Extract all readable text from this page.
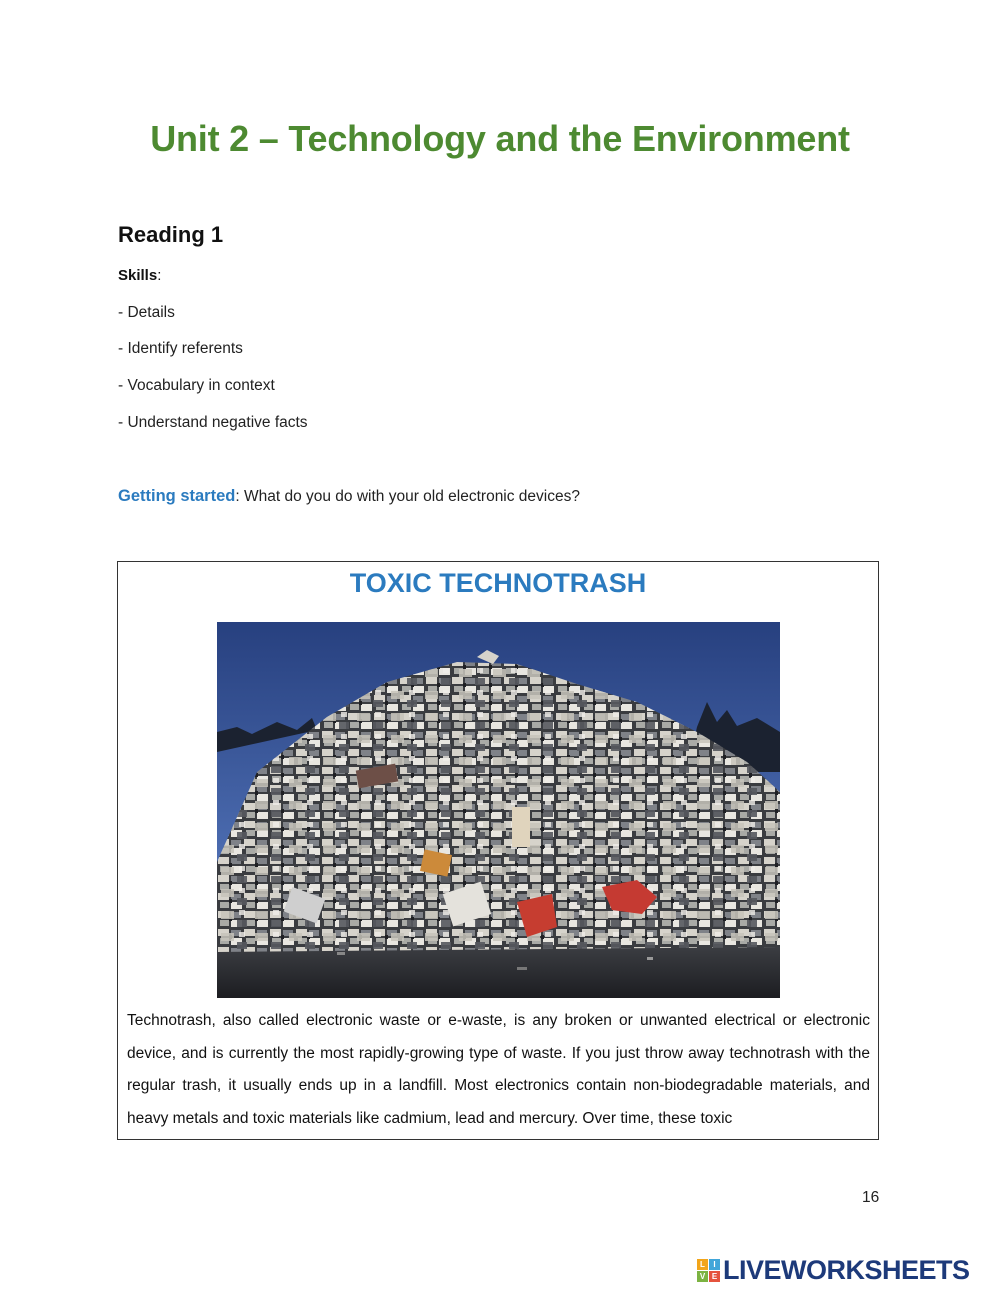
Unit 2 – Technology and the Environment
Reading 1
Skills:
- Details
- Identify referents
- Vocabulary in context
- Understand negative facts
Getting started: What do you do with your old electronic devices?
TOXIC TECHNOTRASH
Technotrash, also called electronic waste or e-waste, is any broken or unwanted electrical or electronic device, and is currently the most rapidly-growing type of waste. If you just throw away technotrash with the regular trash, it usually ends up in a landfill. Most electronics contain non-biodegradable materials, and heavy metals and toxic materials like cadmium, lead and mercury. Over time, these toxic
16
L	I
V E LIVEWORKSHEETS
